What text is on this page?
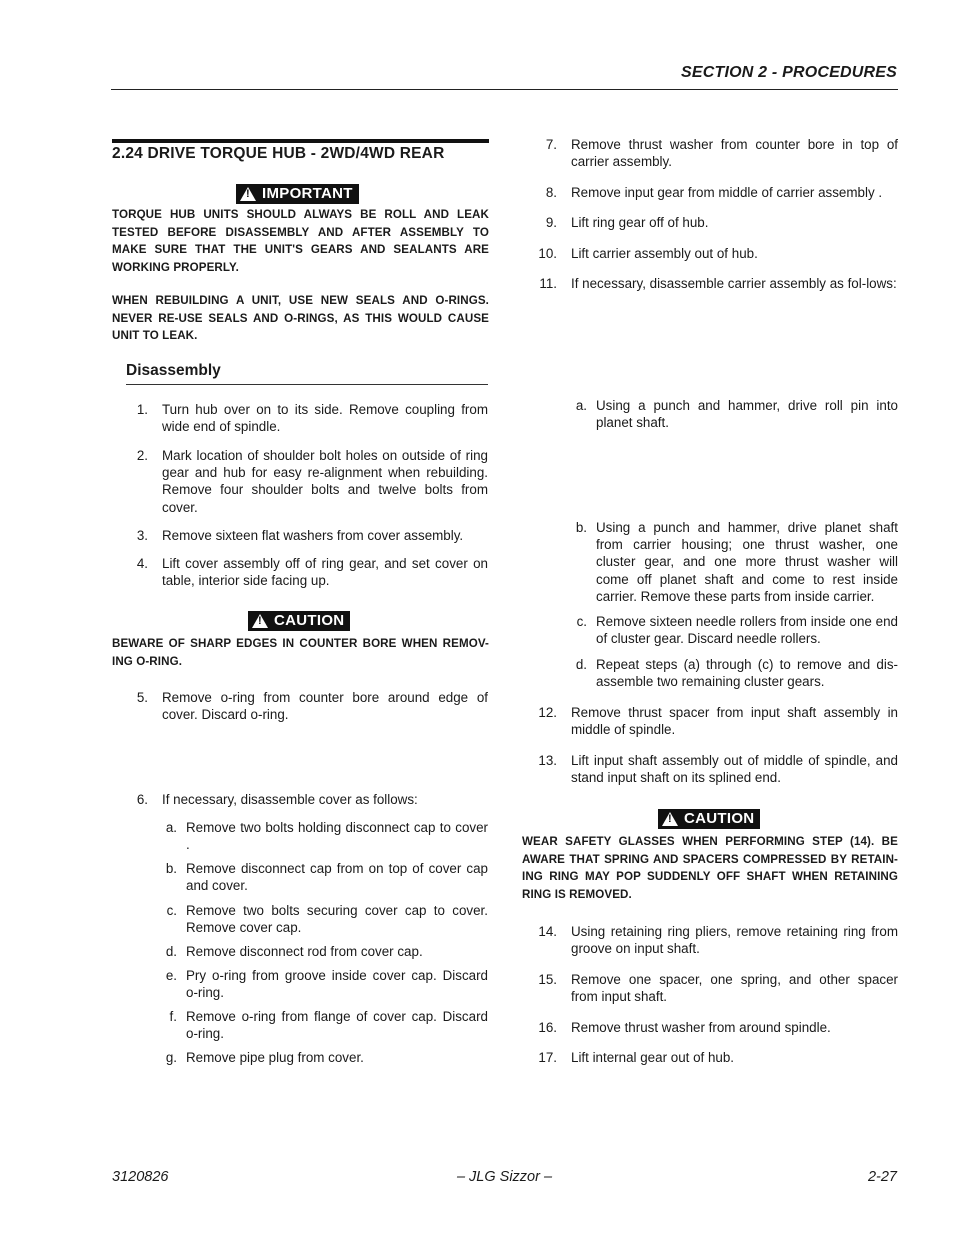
SECTION 2 - PROCEDURES
2.24 DRIVE TORQUE HUB - 2WD/4WD REAR
! IMPORTANT
TORQUE HUB UNITS SHOULD ALWAYS BE ROLL AND LEAK TESTED BEFORE DISASSEMBLY AND AFTER ASSEMBLY TO MAKE SURE THAT THE UNIT'S GEARS AND SEALANTS ARE WORKING PROPERLY.
WHEN REBUILDING A UNIT, USE NEW SEALS AND O-RINGS. NEVER RE-USE SEALS AND O-RINGS, AS THIS WOULD CAUSE UNIT TO LEAK.
Disassembly
1. Turn hub over on to its side. Remove coupling from wide end of spindle.
2. Mark location of shoulder bolt holes on outside of ring gear and hub for easy re-alignment when rebuilding. Remove four shoulder bolts and twelve bolts from cover.
3. Remove sixteen flat washers from cover assembly.
4. Lift cover assembly off of ring gear, and set cover on table, interior side facing up.
! CAUTION
BEWARE OF SHARP EDGES IN COUNTER BORE WHEN REMOV-ING O-RING.
5. Remove o-ring from counter bore around edge of cover. Discard o-ring.
6. If necessary, disassemble cover as follows:
a. Remove two bolts holding disconnect cap to cover .
b. Remove disconnect cap from on top of cover cap and cover.
c. Remove two bolts securing cover cap to cover. Remove cover cap.
d. Remove disconnect rod from cover cap.
e. Pry o-ring from groove inside cover cap. Discard o-ring.
f. Remove o-ring from flange of cover cap. Discard o-ring.
g. Remove pipe plug from cover.
7. Remove thrust washer from counter bore in top of carrier assembly.
8. Remove input gear from middle of carrier assembly .
9. Lift ring gear off of hub.
10. Lift carrier assembly out of hub.
11. If necessary, disassemble carrier assembly as fol-lows:
a. Using a punch and hammer, drive roll pin into planet shaft.
b. Using a punch and hammer, drive planet shaft from carrier housing; one thrust washer, one cluster gear, and one more thrust washer will come off planet shaft and come to rest inside carrier. Remove these parts from inside carrier.
c. Remove sixteen needle rollers from inside one end of cluster gear. Discard needle rollers.
d. Repeat steps (a) through (c) to remove and dis-assemble two remaining cluster gears.
12. Remove thrust spacer from input shaft assembly in middle of spindle.
13. Lift input shaft assembly out of middle of spindle, and stand input shaft on its splined end.
! CAUTION
WEAR SAFETY GLASSES WHEN PERFORMING STEP (14). BE AWARE THAT SPRING AND SPACERS COMPRESSED BY RETAIN-ING RING MAY POP SUDDENLY OFF SHAFT WHEN RETAINING RING IS REMOVED.
14. Using retaining ring pliers, remove retaining ring from groove on input shaft.
15. Remove one spacer, one spring, and other spacer from input shaft.
16. Remove thrust washer from around spindle.
17. Lift internal gear out of hub.
3120826	– JLG Sizzor –	2-27
